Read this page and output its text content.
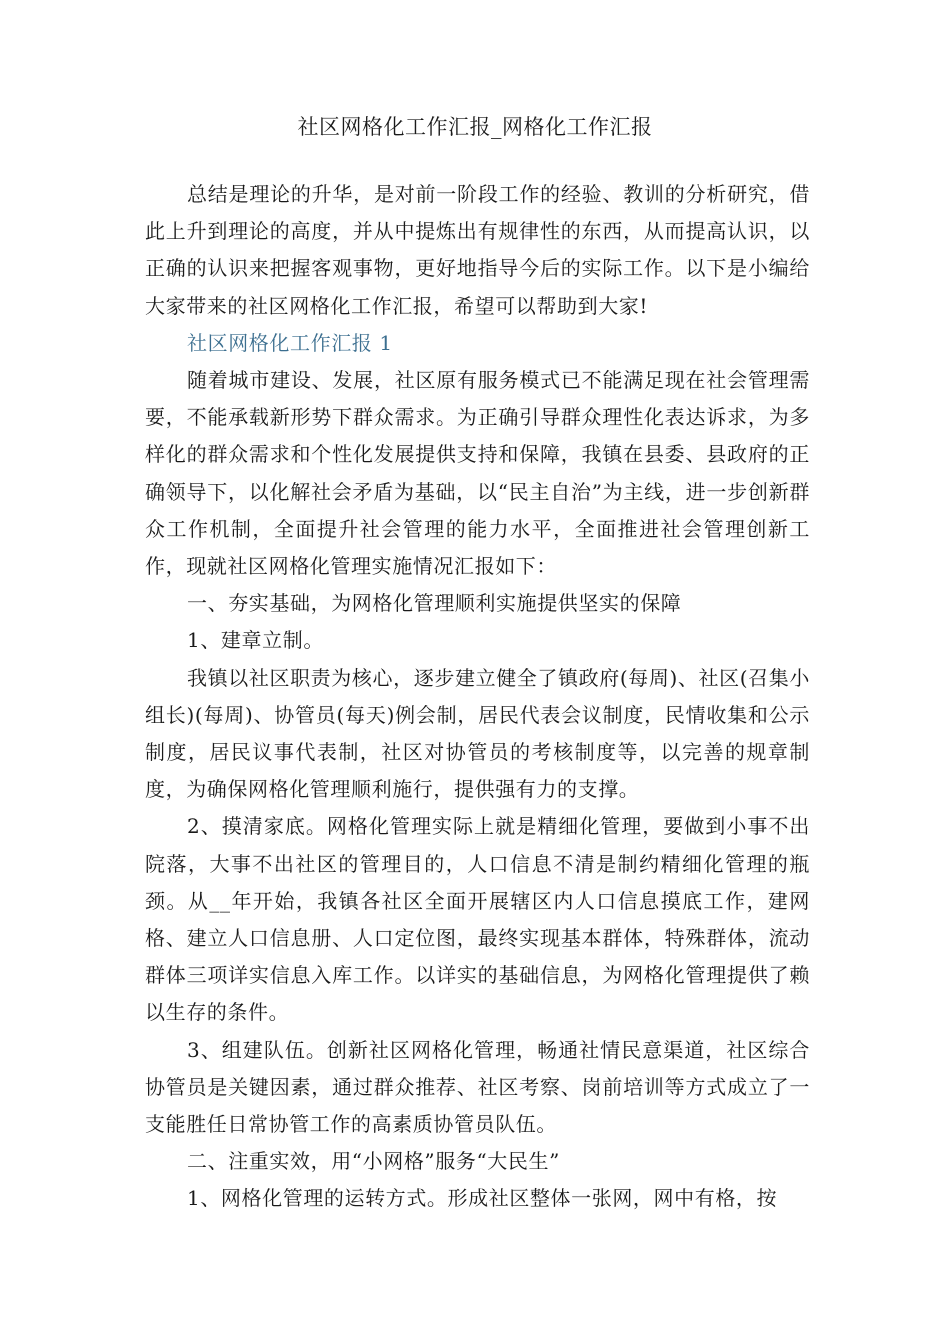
社区网格化工作汇报_网格化工作汇报

总结是理论的升华，是对前一阶段工作的经验、教训的分析研究，借此上升到理论的高度，并从中提炼出有规律性的东西，从而提高认识，以正确的认识来把握客观事物，更好地指导今后的实际工作。以下是小编给大家带来的社区网格化工作汇报，希望可以帮助到大家!

社区网格化工作汇报 1

随着城市建设、发展，社区原有服务模式已不能满足现在社会管理需要，不能承载新形势下群众需求。为正确引导群众理性化表达诉求，为多样化的群众需求和个性化发展提供支持和保障，我镇在县委、县政府的正确领导下，以化解社会矛盾为基础，以“民主自治”为主线，进一步创新群众工作机制，全面提升社会管理的能力水平，全面推进社会管理创新工作，现就社区网格化管理实施情况汇报如下：

一、夯实基础，为网格化管理顺利实施提供坚实的保障

1、建章立制。

我镇以社区职责为核心，逐步建立健全了镇政府(每周)、社区(召集小组长)(每周)、协管员(每天)例会制，居民代表会议制度，民情收集和公示制度，居民议事代表制，社区对协管员的考核制度等，以完善的规章制度，为确保网格化管理顺利施行，提供强有力的支撑。

2、摸清家底。网格化管理实际上就是精细化管理，要做到小事不出院落，大事不出社区的管理目的，人口信息不清是制约精细化管理的瓶颈。从__年开始，我镇各社区全面开展辖区内人口信息摸底工作，建网格、建立人口信息册、人口定位图，最终实现基本群体，特殊群体，流动群体三项详实信息入库工作。以详实的基础信息，为网格化管理提供了赖以生存的条件。

3、组建队伍。创新社区网格化管理，畅通社情民意渠道，社区综合协管员是关键因素，通过群众推荐、社区考察、岗前培训等方式成立了一支能胜任日常协管工作的高素质协管员队伍。

二、注重实效，用“小网格”服务“大民生”

1、网格化管理的运转方式。形成社区整体一张网，网中有格，按
